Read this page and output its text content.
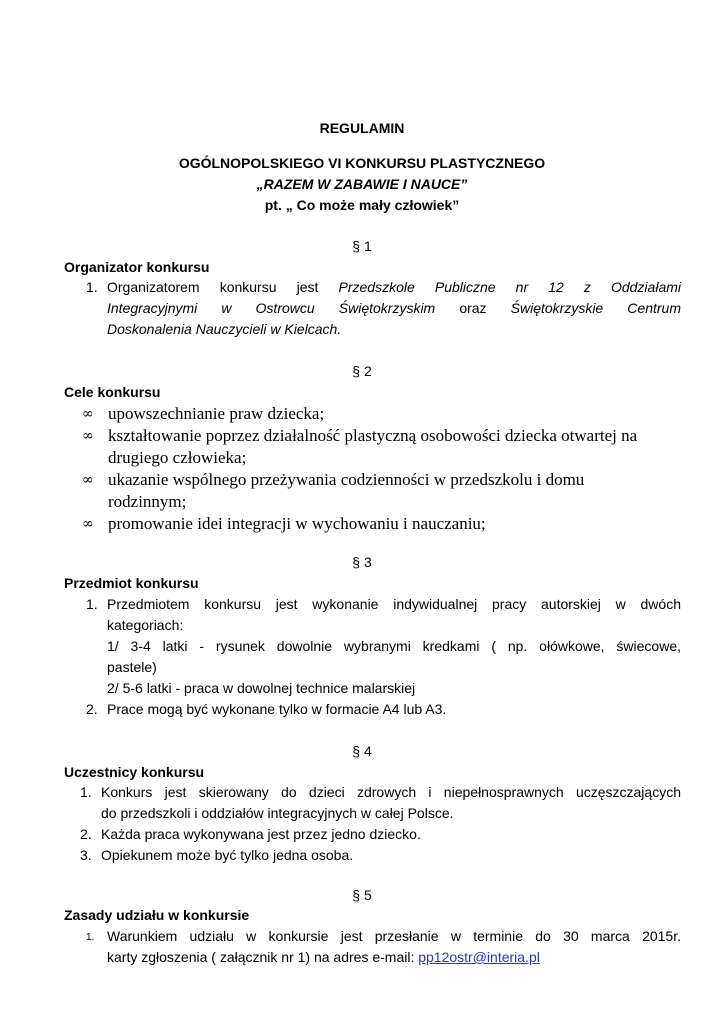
REGULAMIN
OGÓLNOPOLSKIEGO VI KONKURSU PLASTYCZNEGO
„RAZEM W ZABAWIE I NAUCE”
pt. „ Co może mały człowiek”
§ 1
Organizator konkursu
1. Organizatorem konkursu jest Przedszkole Publiczne nr 12 z Oddziałami
Integracyjnymi w Ostrowcu Świętokrzyskim oraz Świętokrzyskie Centrum
Doskonalenia Nauczycieli w Kielcach.
§ 2
Cele konkursu
∞ upowszechnianie praw dziecka;
∞ kształtowanie poprzez działalność plastyczną osobowości dziecka otwartej na
drugiego człowieka;
∞ ukazanie wspólnego przeżywania codzienności w przedszkolu i domu
rodzinnym;
∞ promowanie idei integracji w wychowaniu i nauczaniu;
§ 3
Przedmiot konkursu
1. Przedmiotem konkursu jest wykonanie indywidualnej pracy autorskiej w dwóch
kategoriach:
1/ 3-4 latki - rysunek dowolnie wybranymi kredkami ( np. ołówkowe, świecowe,
pastele)
2/ 5-6 latki - praca w dowolnej technice malarskiej
2. Prace mogą być wykonane tylko w formacie A4 lub A3.
§ 4
Uczestnicy konkursu
1. Konkurs jest skierowany do dzieci zdrowych i niepełnosprawnych uczęszczających
do przedszkoli i oddziałów integracyjnych w całej Polsce.
2. Każda praca wykonywana jest przez jedno dziecko.
3. Opiekunem może być tylko jedna osoba.
§ 5
Zasady udziału w konkursie
1. Warunkiem udziału w konkursie jest przesłanie w terminie do 30 marca 2015r.
karty zgłoszenia ( załącznik nr 1) na adres e-mail: pp12ostr@interia.pl
